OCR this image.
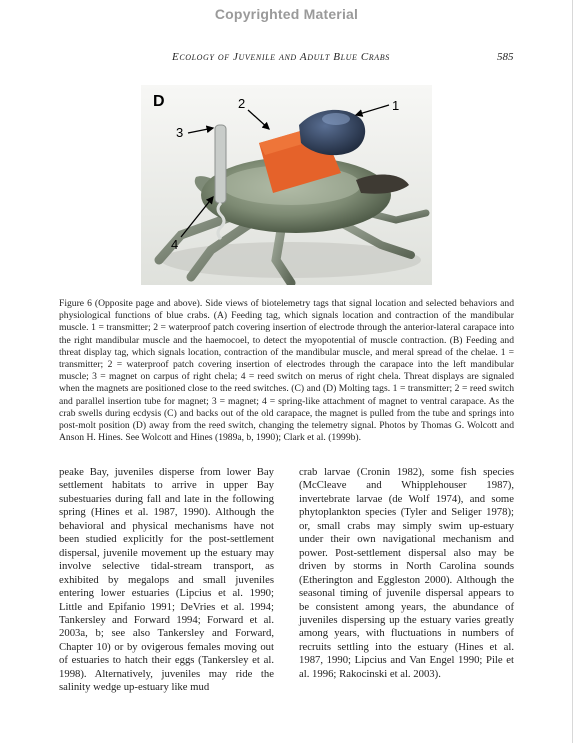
Copyrighted Material
Ecology of Juvenile and Adult Blue Crabs	585
D	2	1
3
4
Figure 6 (Opposite page and above). Side views of biotelemetry tags that signal location and selected behaviors and physiological functions of blue crabs. (A) Feeding tag, which signals location and contraction of the mandibular muscle. 1 = transmitter; 2 = waterproof patch covering insertion of electrode through the anterior-lateral carapace into the right mandibular muscle and the haemocoel, to detect the myopotential of muscle contraction. (B) Feeding and threat display tag, which signals location, contraction of the mandibular muscle, and meral spread of the chelae. 1 = transmitter; 2 = waterproof patch covering insertion of electrodes through the carapace into the left mandibular muscle; 3 = magnet on carpus of right chela; 4 = reed switch on merus of right chela. Threat displays are signaled when the magnets are positioned close to the reed switches. (C) and (D) Molting tags. 1 = transmitter; 2 = reed switch and parallel insertion tube for magnet; 3 = magnet; 4 = spring-like attachment of magnet to ventral carapace. As the crab swells during ecdysis (C) and backs out of the old carapace, the magnet is pulled from the tube and springs into post-molt position (D) away from the reed switch, changing the telemetry signal. Photos by Thomas G. Wolcott and Anson H. Hines. See Wolcott and Hines (1989a, b, 1990); Clark et al. (1999b).
peake Bay, juveniles disperse from lower Bay settlement habitats to arrive in upper Bay subestuaries during fall and late in the following spring (Hines et al. 1987, 1990). Although the behavioral and physical mechanisms have not been studied explicitly for the post-settlement dispersal, juvenile movement up the estuary may involve selective tidal-stream transport, as exhibited by megalops and small juveniles entering lower estuaries (Lipcius et al. 1990; Little and Epifanio 1991; DeVries et al. 1994; Tankersley and Forward 1994; Forward et al. 2003a, b; see also Tankersley and Forward, Chapter 10) or by ovigerous females moving out of estuaries to hatch their eggs (Tankersley et al. 1998). Alternatively, juveniles may ride the salinity wedge up-estuary like mud
crab larvae (Cronin 1982), some fish species (McCleave and Whipplehouser 1987), invertebrate larvae (de Wolf 1974), and some phytoplankton species (Tyler and Seliger 1978); or, small crabs may simply swim up-estuary under their own navigational mechanism and power. Post-settlement dispersal also may be driven by storms in North Carolina sounds (Etherington and Eggleston 2000). Although the seasonal timing of juvenile dispersal appears to be consistent among years, the abundance of juveniles dispersing up the estuary varies greatly among years, with fluctuations in numbers of recruits settling into the estuary (Hines et al. 1987, 1990; Lipcius and Van Engel 1990; Pile et al. 1996; Rakocinski et al. 2003).
